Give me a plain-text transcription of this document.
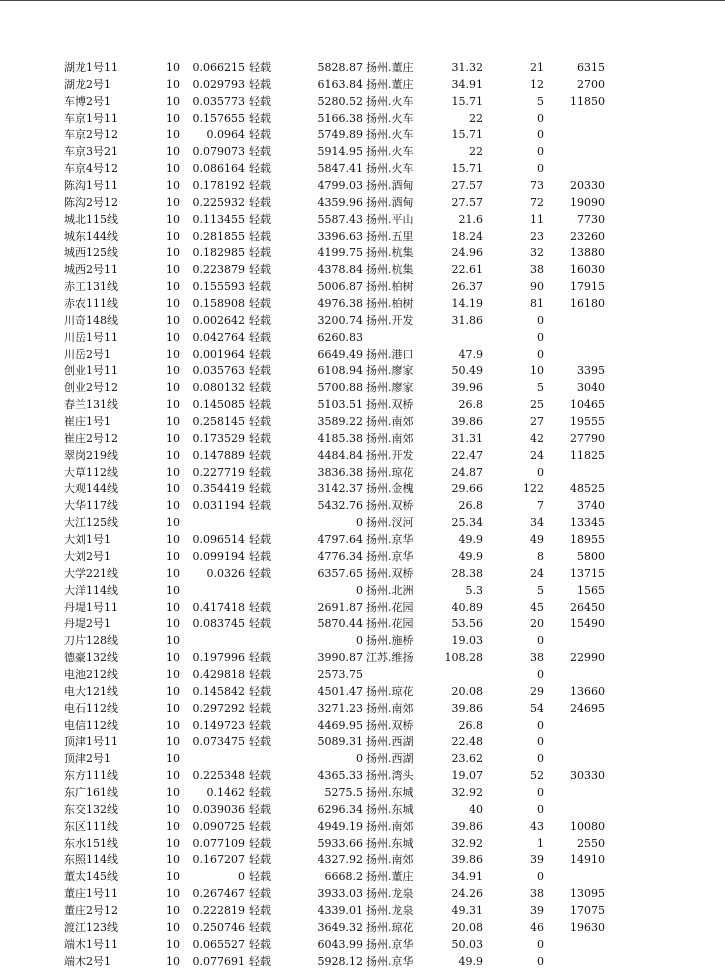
湖龙1号11	10	0.066215 轻载	5828.87 扬州.董庄	31.32	21	6315
湖龙2号1	10	0.029793 轻载	6163.84 扬州.董庄	34.91	12	2700
车博2号1	10	0.035773 轻载	5280.52 扬州.火车	15.71	5	11850
车京1号11	10	0.157655 轻载	5166.38 扬州.火车	22	0
车京2号12	10	0.0964 轻载	5749.89 扬州.火车	15.71	0
车京3号21	10	0.079073 轻载	5914.95 扬州.火车	22	0
车京4号12	10	0.086164 轻载	5847.41 扬州.火车	15.71	0
陈沟1号11	10	0.178192 轻载	4799.03 扬州.酒甸	27.57	73	20330
陈沟2号12	10	0.225932 轻载	4359.96 扬州.酒甸	27.57	72	19090
城北115线	10	0.113455 轻载	5587.43 扬州.平山	21.6	11	7730
城东144线	10	0.281855 轻载	3396.63 扬州.五里	18.24	23	23260
城西125线	10	0.182985 轻载	4199.75 扬州.杭集	24.96	32	13880
城西2号11	10	0.223879 轻载	4378.84 扬州.杭集	22.61	38	16030
赤工131线	10	0.155593 轻载	5006.87 扬州.柏树	26.37	90	17915
赤农111线	10	0.158908 轻载	4976.38 扬州.柏树	14.19	81	16180
川奇148线	10	0.002642 轻载	3200.74 扬州.开发	31.86	0
川岳1号11	10	0.042764 轻载	6260.83	0
川岳2号1	10	0.001964 轻载	6649.49 扬州.港口	47.9	0
创业1号11	10	0.035763 轻载	6108.94 扬州.廖家	50.49	10	3395
创业2号12	10	0.080132 轻载	5700.88 扬州.廖家	39.96	5	3040
春兰131线	10	0.145085 轻载	5103.51 扬州.双桥	26.8	25	10465
崔庄1号1	10	0.258145 轻载	3589.22 扬州.南郊	39.86	27	19555
崔庄2号12	10	0.173529 轻载	4185.38 扬州.南郊	31.31	42	27790
翠岗219线	10	0.147889 轻载	4484.84 扬州.开发	22.47	24	11825
大草112线	10	0.227719 轻载	3836.38 扬州.琼花	24.87	0
大观144线	10	0.354419 轻载	3142.37 扬州.金槐	29.66	122	48525
大华117线	10	0.031194 轻载	5432.76 扬州.双桥	26.8	7	3740
大江125线	10	0 扬州.汊河	25.34	34	13345
大刘1号1	10	0.096514 轻载	4797.64 扬州.京华	49.9	49	18955
大刘2号1	10	0.099194 轻载	4776.34 扬州.京华	49.9	8	5800
大学221线	10	0.0326 轻载	6357.65 扬州.双桥	28.38	24	13715
大洋114线	10	0 扬州.北洲	5.3	5	1565
丹堤1号11	10	0.417418 轻载	2691.87 扬州.花园	40.89	45	26450
丹堤2号1	10	0.083745 轻载	5870.44 扬州.花园	53.56	20	15490
刀片128线	10	0 扬州.施桥	19.03	0
德豪132线	10	0.197996 轻载	3990.87 江苏.维扬	108.28	38	22990
电池212线	10	0.429818 轻载	2573.75	0
电大121线	10	0.145842 轻载	4501.47 扬州.琼花	20.08	29	13660
电石112线	10	0.297292 轻载	3271.23 扬州.南郊	39.86	54	24695
电信112线	10	0.149723 轻载	4469.95 扬州.双桥	26.8	0
顶津1号11	10	0.073475 轻载	5089.31 扬州.西湖	22.48	0
顶津2号1	10	0 扬州.西湖	23.62	0
东方111线	10	0.225348 轻载	4365.33 扬州.湾头	19.07	52	30330
东广161线	10	0.1462 轻载	5275.5 扬州.东城	32.92	0
东交132线	10	0.039036 轻载	6296.34 扬州.东城	40	0
东区111线	10	0.090725 轻载	4949.19 扬州.南郊	39.86	43	10080
东水151线	10	0.077109 轻载	5933.66 扬州.东城	32.92	1	2550
东照114线	10	0.167207 轻载	4327.92 扬州.南郊	39.86	39	14910
董太145线	10	0 轻载	6668.2 扬州.董庄	34.91	0
董庄1号11	10	0.267467 轻载	3933.03 扬州.龙泉	24.26	38	13095
董庄2号12	10	0.222819 轻载	4339.01 扬州.龙泉	49.31	39	17075
渡江123线	10	0.250746 轻载	3649.32 扬州.琼花	20.08	46	19630
端木1号11	10	0.065527 轻载	6043.99 扬州.京华	50.03	0
端木2号1	10	0.077691 轻载	5928.12 扬州.京华	49.9	0
